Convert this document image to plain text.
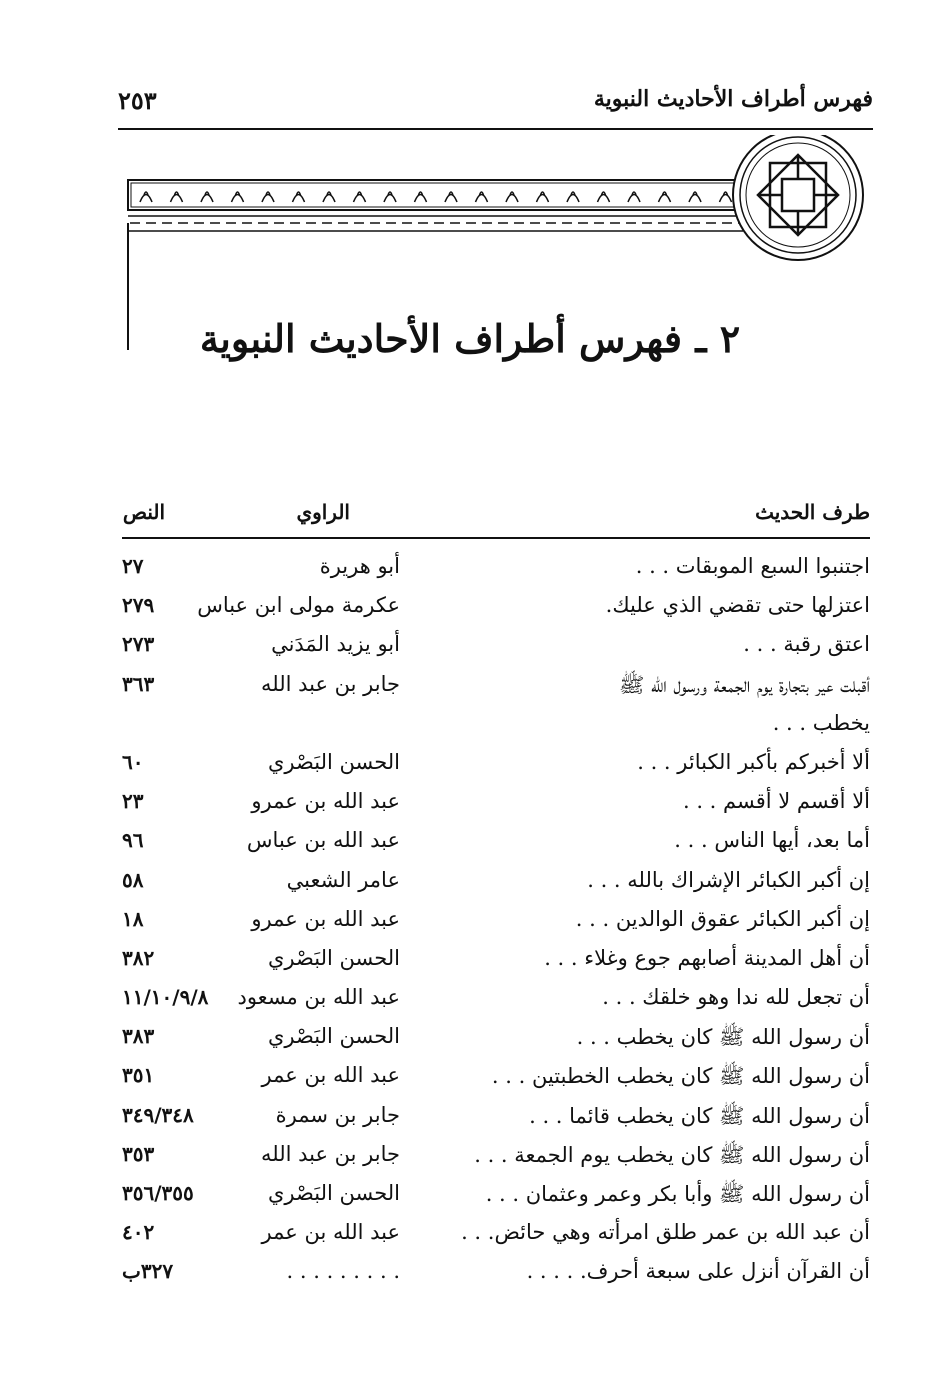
فهرس أطراف الأحاديث النبوية
٢٥٣
٢ ـ فهرس أطراف الأحاديث النبوية
طرف الحديث
الراوي
النص
اجتنبوا السبع الموبقات . . .
أبو هريرة
٢٧
اعتزلها حتى تقضي الذي عليك.
عكرمة مولى ابن عباس
٢٧٩
اعتق رقبة . . .
أبو يزيد المَدَني
٢٧٣
أقبلت عير بتجارة يوم الجمعة ورسول الله ﷺ
جابر بن عبد الله
٣٦٣
يخطب . . .
ألا أخبركم بأكبر الكبائر . . .
الحسن البَصْري
٦٠
ألا أقسم لا أقسم . . .
عبد الله بن عمرو
٢٣
أما بعد، أيها الناس . . .
عبد الله بن عباس
٩٦
إن أكبر الكبائر الإشراك بالله . . .
عامر الشعبي
٥٨
إن أكبر الكبائر عقوق الوالدين . . .
عبد الله بن عمرو
١٨
أن أهل المدينة أصابهم جوع وغلاء . . .
الحسن البَصْري
٣٨٢
أن تجعل لله ندا وهو خلقك . . .
عبد الله بن مسعود
١١/١٠/٩/٨
أن رسول الله ﷺ كان يخطب . . .
الحسن البَصْري
٣٨٣
أن رسول الله ﷺ كان يخطب الخطبتين . . .
عبد الله بن عمر
٣٥١
أن رسول الله ﷺ كان يخطب قائما . . .
جابر بن سمرة
٣٤٩/٣٤٨
أن رسول الله ﷺ كان يخطب يوم الجمعة . . .
جابر بن عبد الله
٣٥٣
أن رسول الله ﷺ وأبا بكر وعمر وعثمان . . .
الحسن البَصْري
٣٥٦/٣٥٥
أن عبد الله بن عمر طلق امرأته وهي حائض. . .
عبد الله بن عمر
٤٠٢
أن القرآن أنزل على سبعة أحرف. . . . .
. . . . . . . . .
٣٢٧ب
